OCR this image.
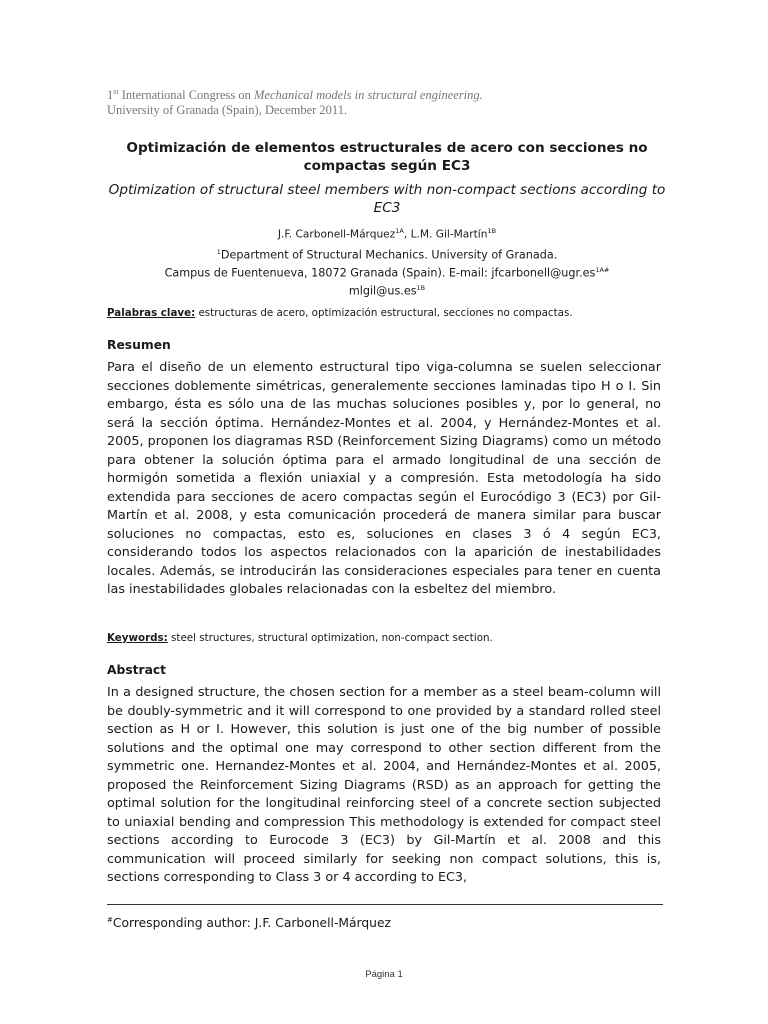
1st International Congress on Mechanical models in structural engineering.
University of Granada (Spain), December 2011.
Optimización de elementos estructurales de acero con secciones no compactas según EC3
Optimization of structural steel members with non-compact sections according to EC3
J.F. Carbonell-Márquez$^{1A}$, L.M. Gil-Martín$^{1B}$
$^1$Department of Structural Mechanics. University of Granada.
Campus de Fuentenueva, 18072 Granada (Spain). E-mail: $jfcarbonell@ugr.es^{1A\#}$
$mlgil@us.es^{1B}$
Palabras clave: estructuras de acero, optimización estructural, secciones no compactas.
Resumen
Para el diseño de un elemento estructural tipo viga-columna se suelen seleccionar secciones doblemente simétricas, generalemente secciones laminadas tipo H o I. Sin embargo, ésta es sólo una de las muchas soluciones posibles y, por lo general, no será la sección óptima. Hernández-Montes et al. 2004, y Hernández-Montes et al. 2005, proponen los diagramas RSD (Reinforcement Sizing Diagrams) como un método para obtener la solución óptima para el armado longitudinal de una sección de hormigón sometida a flexión uniaxial y a compresión. Esta metodología ha sido extendida para secciones de acero compactas según el Eurocódigo 3 (EC3) por Gil-Martín et al. 2008, y esta comunicación procederá de manera similar para buscar soluciones no compactas, esto es, soluciones en clases 3 ó 4 según EC3, considerando todos los aspectos relacionados con la aparición de inestabilidades locales. Además, se introducirán las consideraciones especiales para tener en cuenta las inestabilidades globales relacionadas con la esbeltez del miembro.
Keywords: steel structures, structural optimization, non-compact section.
Abstract
In a designed structure, the chosen section for a member as a steel beam-column will be doubly-symmetric and it will correspond to one provided by a standard rolled steel section as H or I. However, this solution is just one of the big number of possible solutions and the optimal one may correspond to other section different from the symmetric one. Hernandez-Montes et al. 2004, and Hernández-Montes et al. 2005, proposed the Reinforcement Sizing Diagrams (RSD) as an approach for getting the optimal solution for the longitudinal reinforcing steel of a concrete section subjected to uniaxial bending and compression This methodology is extended for compact steel sections according to Eurocode 3 (EC3) by Gil-Martín et al. 2008 and this communication will proceed similarly for seeking non compact solutions, this is, sections corresponding to Class 3 or 4 according to EC3,
#Corresponding author: J.F. Carbonell-Márquez
Página 1
